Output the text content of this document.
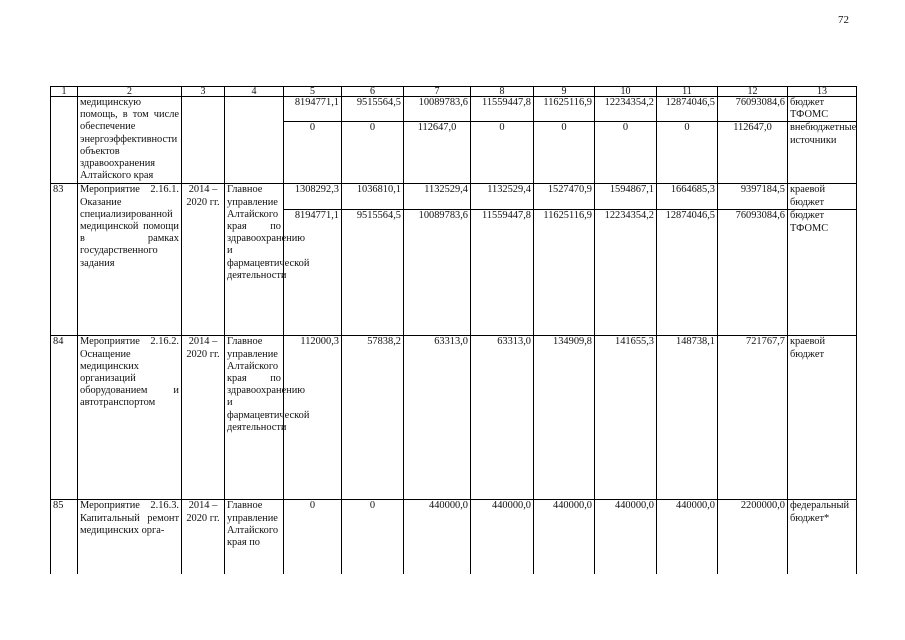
72
1	2	3	4	5	6	7	8	9	10	11	12	13
	медицинскую помощь, в том числе обеспечение энергоэффективности объектов здравоохранения Алтайского края			8194771,1	9515564,5	10089783,6	11559447,8	11625116,9	12234354,2	12874046,5	76093084,6	бюджет ТФОМС
				0	0	112647,0	0	0	0	0	112647,0	внебюджетные источники
83	Мероприятие 2.16.1. Оказание специализированной медицинской помощи в рамках государственного задания	2014 – 2020 гг.	Главное управление Алтайского края по здравоохранению и фармацевтической деятельности	1308292,3	1036810,1	1132529,4	1132529,4	1527470,9	1594867,1	1664685,3	9397184,5	краевой бюджет
				8194771,1	9515564,5	10089783,6	11559447,8	11625116,9	12234354,2	12874046,5	76093084,6	бюджет ТФОМС
84	Мероприятие 2.16.2. Оснащение медицинских организаций оборудованием и автотранспортом	2014 – 2020 гг.	Главное управление Алтайского края по здравоохранению и фармацевтической деятельности	112000,3	57838,2	63313,0	63313,0	134909,8	141655,3	148738,1	721767,7	краевой бюджет
85	Мероприятие 2.16.3. Капитальный ремонт медицинских орга-	2014 – 2020 гг.	Главное управление Алтайского края по	0	0	440000,0	440000,0	440000,0	440000,0	440000,0	2200000,0	федеральный бюджет*
